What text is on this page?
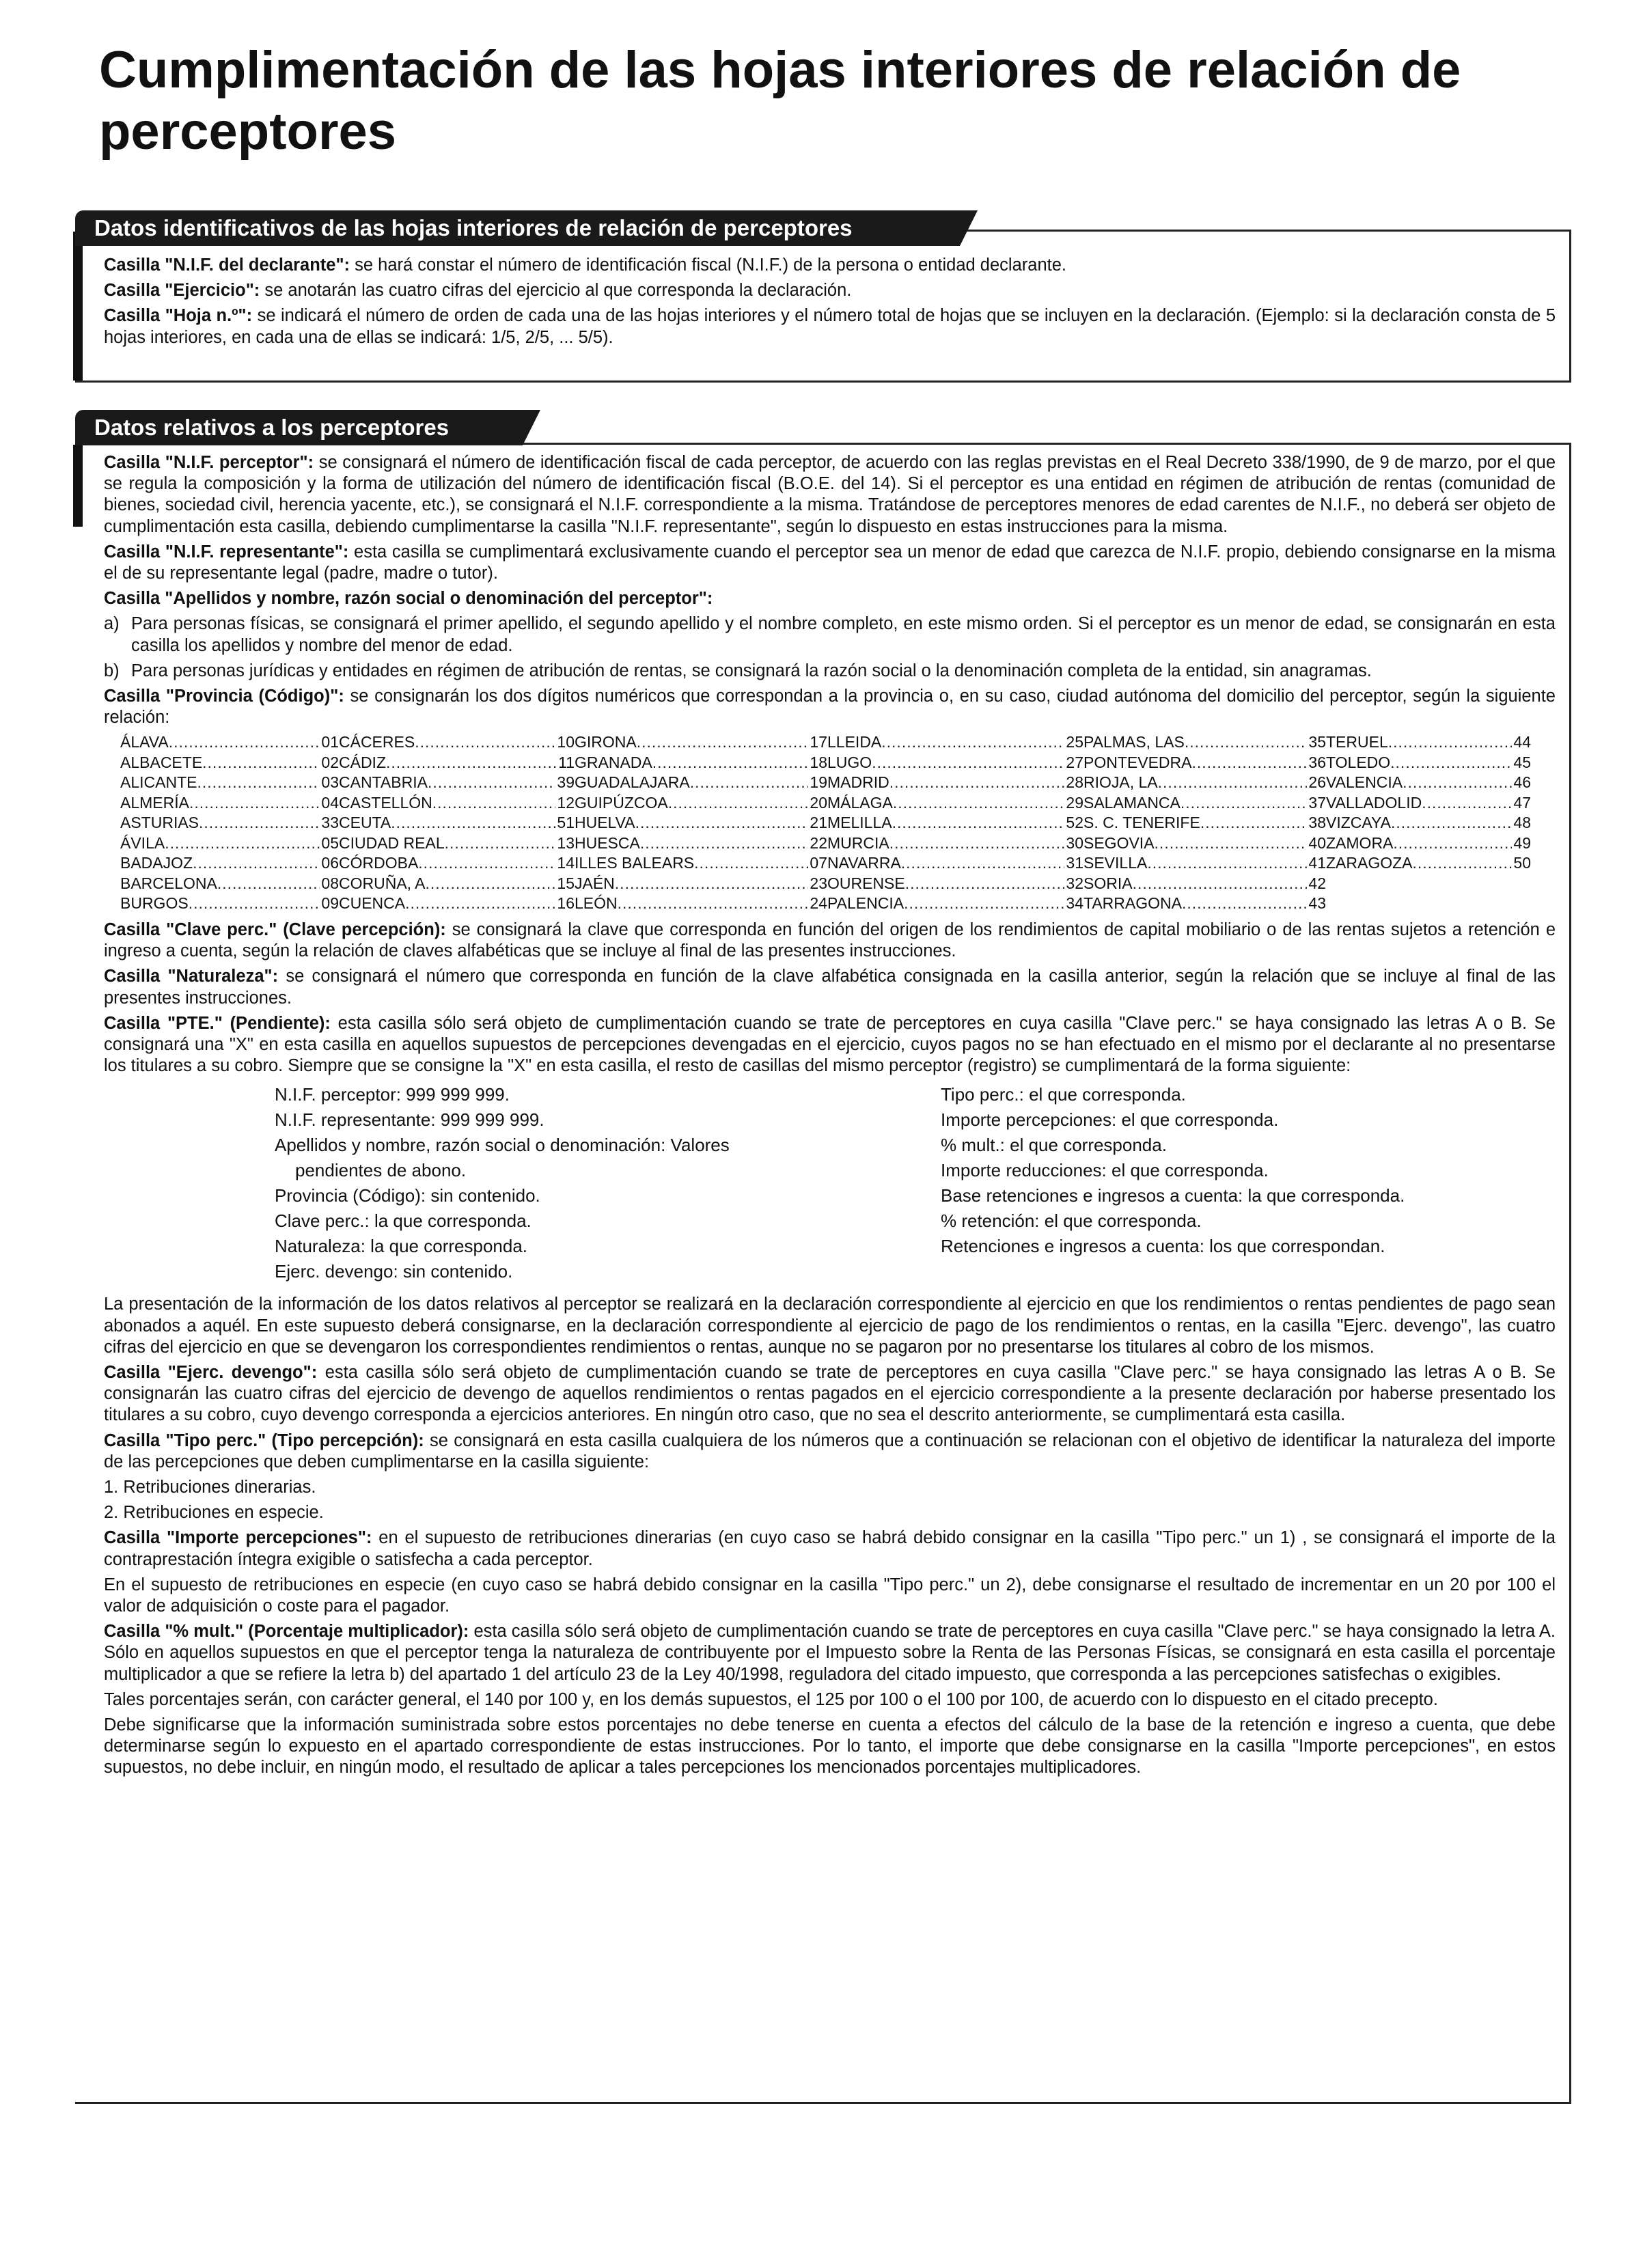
Cumplimentación de las hojas interiores de relación de perceptores
Datos identificativos de las hojas interiores de relación de perceptores

Casilla "N.I.F. del declarante": se hará constar el número de identificación fiscal (N.I.F.) de la persona o entidad declarante.

Casilla "Ejercicio": se anotarán las cuatro cifras del ejercicio al que corresponda la declaración.

Casilla "Hoja n.º": se indicará el número de orden de cada una de las hojas interiores y el número total de hojas que se incluyen en la declaración. (Ejemplo: si la declaración consta de 5 hojas interiores, en cada una de ellas se indicará: 1/5, 2/5, ... 5/5).

Datos relativos a los perceptores

Casilla "N.I.F. perceptor": se consignará el número de identificación fiscal de cada perceptor, de acuerdo con las reglas previstas en el Real Decreto 338/1990, de 9 de marzo, por el que se regula la composición y la forma de utilización del número de identificación fiscal (B.O.E. del 14). Si el perceptor es una entidad en régimen de atribución de rentas (comunidad de bienes, sociedad civil, herencia yacente, etc.), se consignará el N.I.F. correspondiente a la misma. Tratándose de perceptores menores de edad carentes de N.I.F., no deberá ser objeto de cumplimentación esta casilla, debiendo cumplimentarse la casilla "N.I.F. representante", según lo dispuesto en estas instrucciones para la misma.

Casilla "N.I.F. representante": esta casilla se cumplimentará exclusivamente cuando el perceptor sea un menor de edad que carezca de N.I.F. propio, debiendo consignarse en la misma el de su representante legal (padre, madre o tutor).

Casilla "Apellidos y nombre, razón social o denominación del perceptor":

a) Para personas físicas, se consignará el primer apellido, el segundo apellido y el nombre completo, en este mismo orden. Si el perceptor es un menor de edad, se consignarán en esta casilla los apellidos y nombre del menor de edad.
b) Para personas jurídicas y entidades en régimen de atribución de rentas, se consignará la razón social o la denominación completa de la entidad, sin anagramas.

Casilla "Provincia (Código)": se consignarán los dos dígitos numéricos que correspondan a la provincia o, en su caso, ciudad autónoma del domicilio del perceptor, según la siguiente relación:

ÁLAVA .....	01 CÁCERES .....	10 GIRONA .....	17 LLEIDA .....	25 PALMAS, LAS .....	35 TERUEL .....	44
ALBACETE .....	02 CÁDIZ .....	11 GRANADA .....	18 LUGO .....	27 PONTEVEDRA .....	36 TOLEDO .....	45
ALICANTE .....	03 CANTABRIA .....	39 GUADALAJARA .....	19 MADRID .....	28 RIOJA, LA .....	26 VALENCIA .....	46
ALMERÍA .....	04 CASTELLÓN .....	12 GUIPÚZCOA .....	20 MÁLAGA .....	29 SALAMANCA .....	37 VALLADOLID .....	47
ASTURIAS .....	33 CEUTA .....	51 HUELVA .....	21 MELILLA .....	52 S. C. TENERIFE .....	38 VIZCAYA .....	48
ÁVILA .....	05 CIUDAD REAL .....	13 HUESCA .....	22 MURCIA .....	30 SEGOVIA .....	40 ZAMORA .....	49
BADAJOZ .....	06 CÓRDOBA .....	14 ILLES BALEARS .....	07 NAVARRA .....	31 SEVILLA .....	41 ZARAGOZA .....	50
BARCELONA .....	08 CORUÑA, A .....	15 JAÉN .....	23 OURENSE .....	32 SORIA .....	42
BURGOS .....	09 CUENCA .....	16 LEÓN .....	24 PALENCIA .....	34 TARRAGONA .....	43

Casilla "Clave perc." (Clave percepción): se consignará la clave que corresponda en función del origen de los rendimientos de capital mobiliario o de las rentas sujetos a retención e ingreso a cuenta, según la relación de claves alfabéticas que se incluye al final de las presentes instrucciones.

Casilla "Naturaleza": se consignará el número que corresponda en función de la clave alfabética consignada en la casilla anterior, según la relación que se incluye al final de las presentes instrucciones.

Casilla "PTE." (Pendiente): esta casilla sólo será objeto de cumplimentación cuando se trate de perceptores en cuya casilla "Clave perc." se haya consignado las letras A o B. Se consignará una "X" en esta casilla en aquellos supuestos de percepciones devengadas en el ejercicio, cuyos pagos no se han efectuado en el mismo por el declarante al no presentarse los titulares a su cobro. Siempre que se consigne la "X" en esta casilla, el resto de casillas del mismo perceptor (registro) se cumplimentará de la forma siguiente:

N.I.F. perceptor: 999 999 999.
N.I.F. representante: 999 999 999.
Apellidos y nombre, razón social o denominación: Valores
pendientes de abono.
Provincia (Código): sin contenido.
Clave perc.: la que corresponda.
Naturaleza: la que corresponda.
Ejerc. devengo: sin contenido.
Tipo perc.: el que corresponda.
Importe percepciones: el que corresponda.
% mult.: el que corresponda.
Importe reducciones: el que corresponda.
Base retenciones e ingresos a cuenta: la que corresponda.
% retención: el que corresponda.
Retenciones e ingresos a cuenta: los que correspondan.

La presentación de la información de los datos relativos al perceptor se realizará en la declaración correspondiente al ejercicio en que los rendimientos o rentas pendientes de pago sean abonados a aquél. En este supuesto deberá consignarse, en la declaración correspondiente al ejercicio de pago de los rendimientos o rentas, en la casilla "Ejerc. devengo", las cuatro cifras del ejercicio en que se devengaron los correspondientes rendimientos o rentas, aunque no se pagaron por no presentarse los titulares al cobro de los mismos.

Casilla "Ejerc. devengo": esta casilla sólo será objeto de cumplimentación cuando se trate de perceptores en cuya casilla "Clave perc." se haya consignado las letras A o B. Se consignarán las cuatro cifras del ejercicio de devengo de aquellos rendimientos o rentas pagados en el ejercicio correspondiente a la presente declaración por haberse presentado los titulares a su cobro, cuyo devengo corresponda a ejercicios anteriores. En ningún otro caso, que no sea el descrito anteriormente, se cumplimentará esta casilla.

Casilla "Tipo perc." (Tipo percepción): se consignará en esta casilla cualquiera de los números que a continuación se relacionan con el objetivo de identificar la naturaleza del importe de las percepciones que deben cumplimentarse en la casilla siguiente:

1. Retribuciones dinerarias.
2. Retribuciones en especie.

Casilla "Importe percepciones": en el supuesto de retribuciones dinerarias (en cuyo caso se habrá debido consignar en la casilla "Tipo perc." un 1) , se consignará el importe de la contraprestación íntegra exigible o satisfecha a cada perceptor.

En el supuesto de retribuciones en especie (en cuyo caso se habrá debido consignar en la casilla "Tipo perc." un 2), debe consignarse el resultado de incrementar en un 20 por 100 el valor de adquisición o coste para el pagador.

Casilla "% mult." (Porcentaje multiplicador): esta casilla sólo será objeto de cumplimentación cuando se trate de perceptores en cuya casilla "Clave perc." se haya consignado la letra A. Sólo en aquellos supuestos en que el perceptor tenga la naturaleza de contribuyente por el Impuesto sobre la Renta de las Personas Físicas, se consignará en esta casilla el porcentaje multiplicador a que se refiere la letra b) del apartado 1 del artículo 23 de la Ley 40/1998, reguladora del citado impuesto, que corresponda a las percepciones satisfechas o exigibles.

Tales porcentajes serán, con carácter general, el 140 por 100 y, en los demás supuestos, el 125 por 100 o el 100 por 100, de acuerdo con lo dispuesto en el citado precepto.

Debe significarse que la información suministrada sobre estos porcentajes no debe tenerse en cuenta a efectos del cálculo de la base de la retención e ingreso a cuenta, que debe determinarse según lo expuesto en el apartado correspondiente de estas instrucciones. Por lo tanto, el importe que debe consignarse en la casilla "Importe percepciones", en estos supuestos, no debe incluir, en ningún modo, el resultado de aplicar a tales percepciones los mencionados porcentajes multiplicadores.
